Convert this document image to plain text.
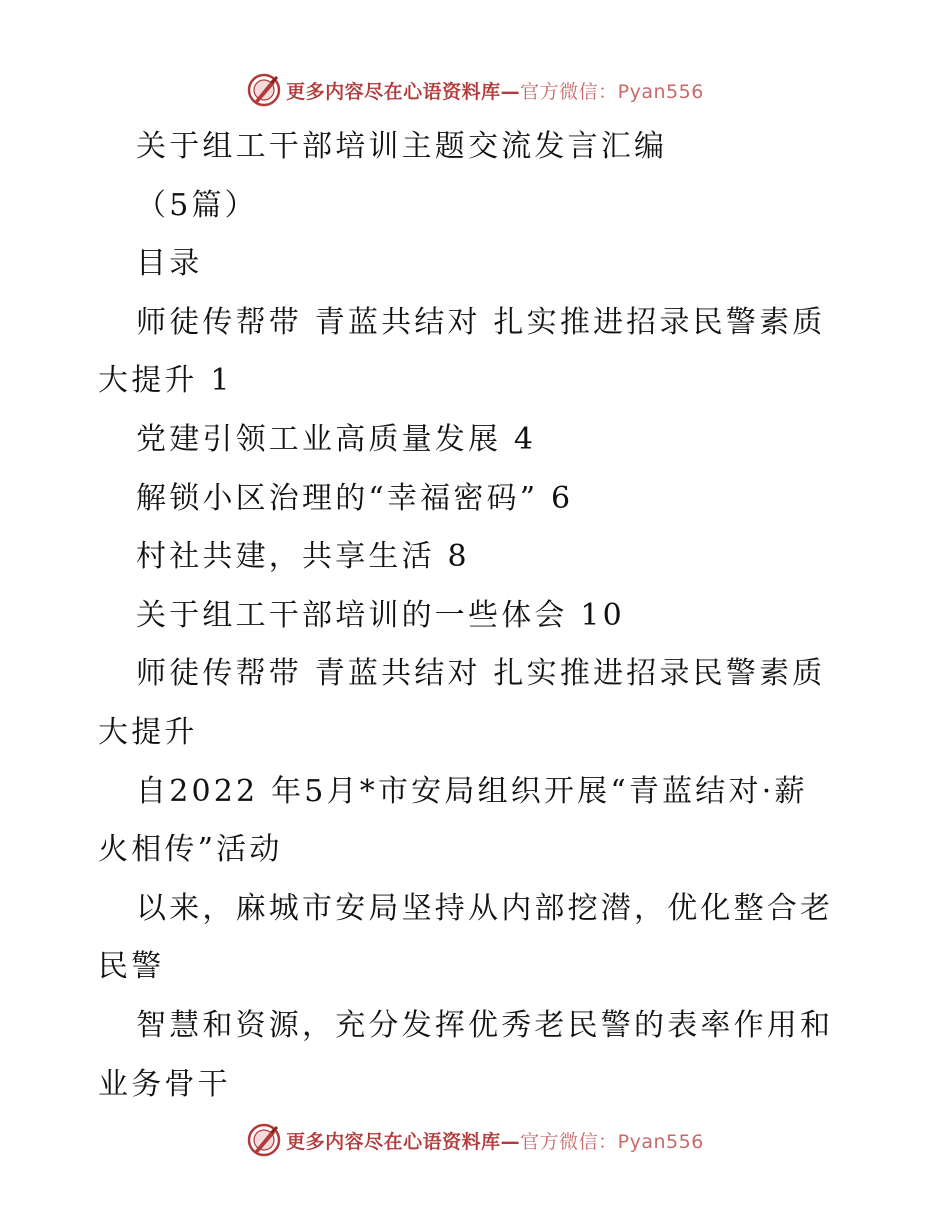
更多内容尽在心语资料库—官方微信：Pyan556
关于组工干部培训主题交流发言汇编
（5篇）
目录
师徒传帮带 青蓝共结对 扎实推进招录民警素质
大提升 1
党建引领工业高质量发展 4
解锁小区治理的“幸福密码” 6
村社共建，共享生活 8
关于组工干部培训的一些体会 10
师徒传帮带 青蓝共结对 扎实推进招录民警素质
大提升
自2022 年5月*市安局组织开展“青蓝结对·薪
火相传”活动
以来，麻城市安局坚持从内部挖潜，优化整合老
民警
智慧和资源，充分发挥优秀老民警的表率作用和
业务骨干
更多内容尽在心语资料库—官方微信：Pyan556
